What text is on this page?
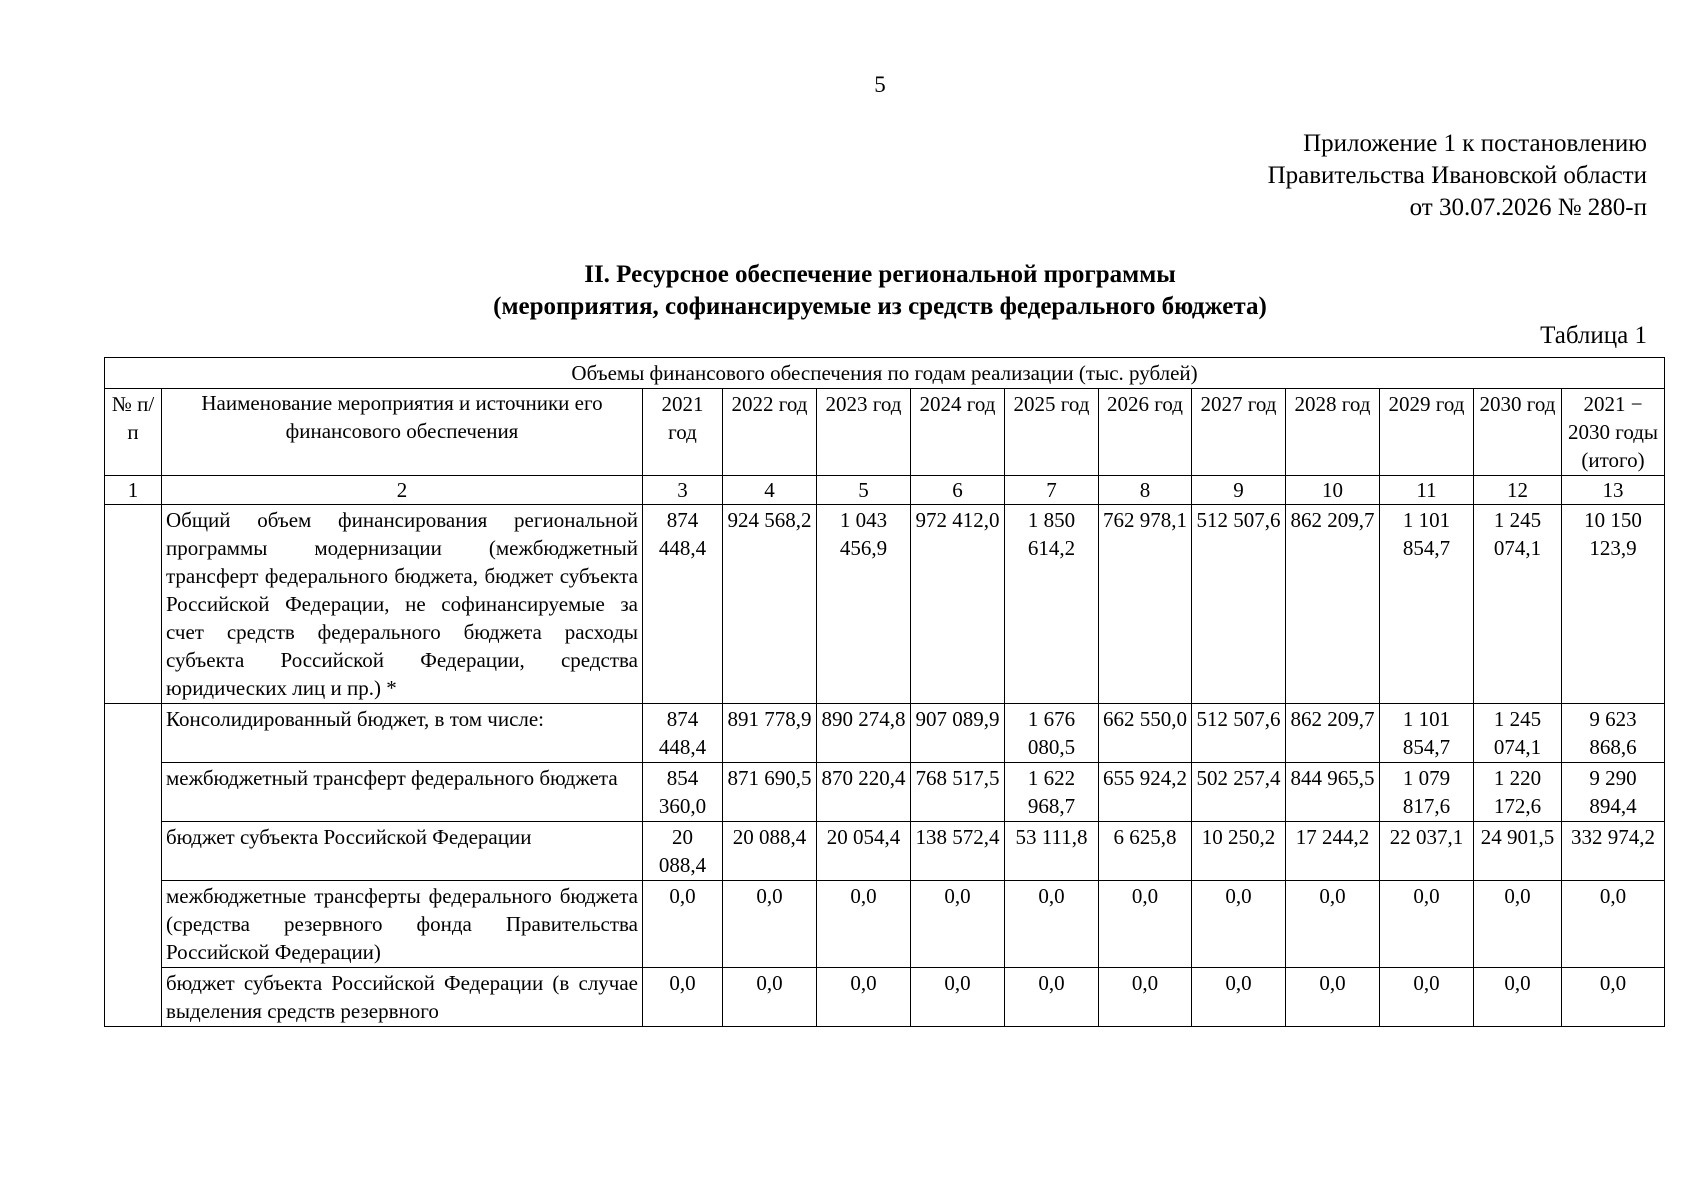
5
Приложение 1 к постановлению
Правительства Ивановской области
от 30.07.2026 № 280-п
II. Ресурсное обеспечение региональной программы
(мероприятия, софинансируемые из средств федерального бюджета)
Таблица 1
Объемы финансового обеспечения по годам реализации (тыс. рублей)												
№ п/п	Наименование мероприятия и источники его финансового обеспечения	2021 год	2022 год	2023 год	2024 год	2025 год	2026 год	2027 год	2028 год	2029 год	2030 год	2021 − 2030 годы (итого)
1	2	3	4	5	6	7	8	9	10	11	12	13
	Общий объем финансирования региональной программы модернизации (межбюджетный трансферт федерального бюджета, бюджет субъекта Российской Федерации, не софинансируемые за счет средств федерального бюджета расходы субъекта Российской Федерации, средства юридических лиц и пр.) *	874 448,4	924 568,2	1 043 456,9	972 412,0	1 850 614,2	762 978,1	512 507,6	862 209,7	1 101 854,7	1 245 074,1	10 150 123,9
	Консолидированный бюджет, в том числе:	874 448,4	891 778,9	890 274,8	907 089,9	1 676 080,5	662 550,0	512 507,6	862 209,7	1 101 854,7	1 245 074,1	9 623 868,6
	межбюджетный трансферт федерального бюджета	854 360,0	871 690,5	870 220,4	768 517,5	1 622 968,7	655 924,2	502 257,4	844 965,5	1 079 817,6	1 220 172,6	9 290 894,4
	бюджет субъекта Российской Федерации	20 088,4	20 088,4	20 054,4	138 572,4	53 111,8	6 625,8	10 250,2	17 244,2	22 037,1	24 901,5	332 974,2
	межбюджетные трансферты федерального бюджета (средства резервного фонда Правительства Российской Федерации)	0,0	0,0	0,0	0,0	0,0	0,0	0,0	0,0	0,0	0,0	0,0
	бюджет субъекта Российской Федерации (в случае выделения средств резервного	0,0	0,0	0,0	0,0	0,0	0,0	0,0	0,0	0,0	0,0	0,0
